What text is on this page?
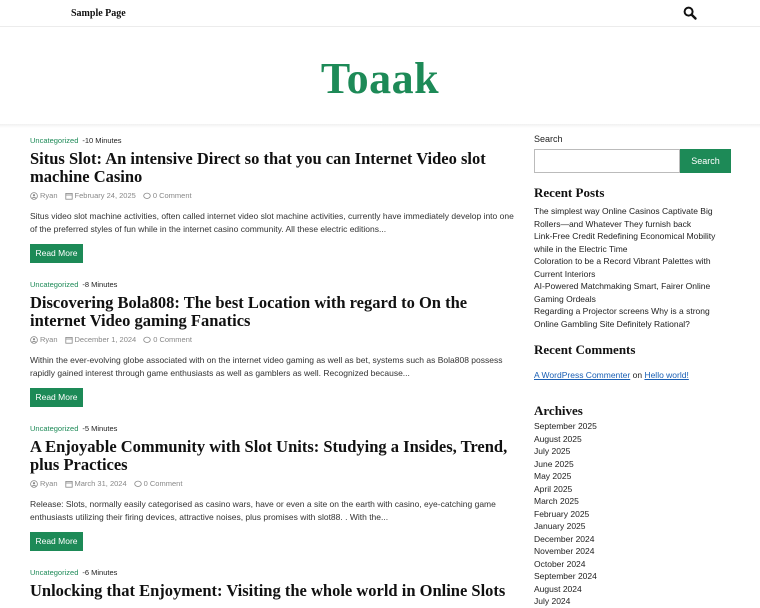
Sample Page
Toaak
Uncategorized -10 Minutes
Situs Slot: An intensive Direct so that you can Internet Video slot machine Casino
Ryan February 24, 2025 0 Comment

Situs video slot machine activities, often called internet video slot machine activities, currently have immediately develop into one of the preferred styles of fun while in the internet casino community. All these electric editions...

Read More
Uncategorized -8 Minutes
Discovering Bola808: The best Location with regard to On the internet Video gaming Fanatics
Ryan December 1, 2024 0 Comment

Within the ever-evolving globe associated with on the internet video gaming as well as bet, systems such as Bola808 possess rapidly gained interest through game enthusiasts as well as gamblers as well. Recognized because...

Read More
Uncategorized -5 Minutes
A Enjoyable Community with Slot Units: Studying a Insides, Trend, plus Practices
Ryan March 31, 2024 0 Comment

Release: Slots, normally easily categorised as casino wars, have or even a site on the earth with casino, eye-catching game enthusiasts utilizing their firing devices, attractive noises, plus promises with slot88. . With the...

Read More
Uncategorized -6 Minutes
Unlocking that Enjoyment: Visiting the whole world in Online Slots
Search
Search
Recent Posts
The simplest way Online Casinos Captivate Big Rollers—and Whatever They furnish back
Link-Free Credit Redefining Economical Mobility while in the Electric Time
Coloration to be a Record Vibrant Palettes with Current Interiors
AI-Powered Matchmaking Smart, Fairer Online Gaming Ordeals
Regarding a Projector screens Why is a strong Online Gambling Site Definitely Rational?
Recent Comments
A WordPress Commenter on Hello world!
Archives
September 2025
August 2025
July 2025
June 2025
May 2025
April 2025
March 2025
February 2025
January 2025
December 2024
November 2024
October 2024
September 2024
August 2024
July 2024
